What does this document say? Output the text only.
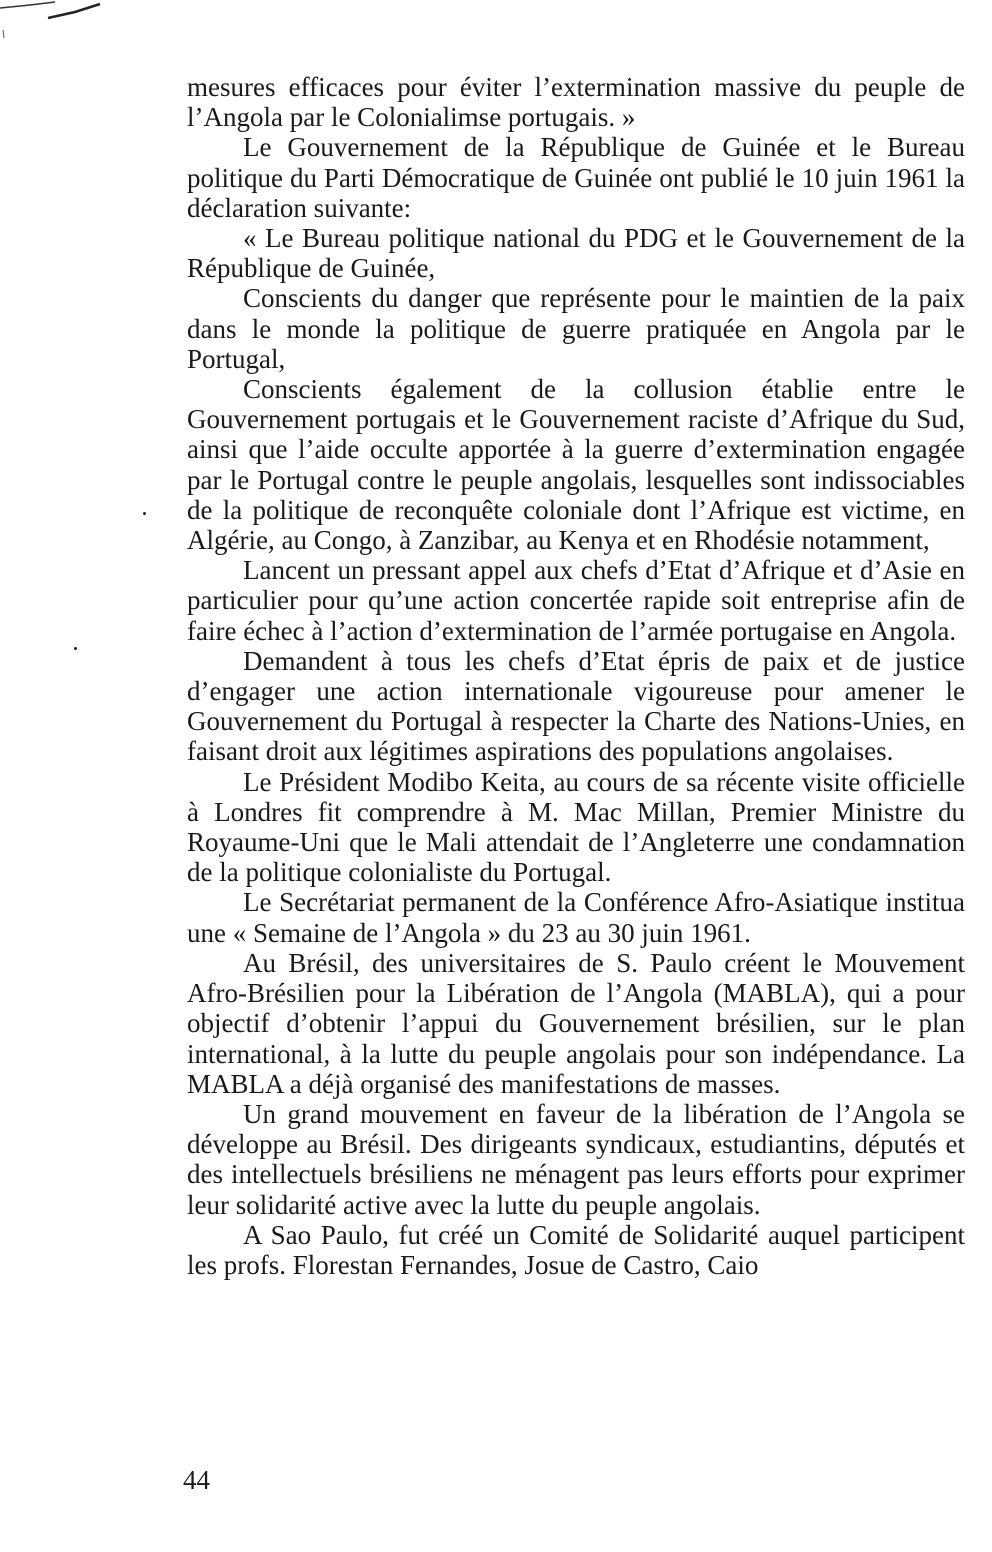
mesures efficaces pour éviter l’extermination massive du peuple de l’Angola par le Colonialimse portugais. »

Le Gouvernement de la République de Guinée et le Bureau politique du Parti Démocratique de Guinée ont publié le 10 juin 1961 la déclaration suivante:

« Le Bureau politique national du PDG et le Gouvernement de la République de Guinée,

Conscients du danger que représente pour le maintien de la paix dans le monde la politique de guerre pratiquée en Angola par le Portugal,

Conscients également de la collusion établie entre le Gouvernement portugais et le Gouvernement raciste d’Afrique du Sud, ainsi que l’aide occulte apportée à la guerre d’extermination engagée par le Portugal contre le peuple angolais, lesquelles sont indissociables de la politique de reconquête coloniale dont l’Afrique est victime, en Algérie, au Congo, à Zanzibar, au Kenya et en Rhodésie notamment,

Lancent un pressant appel aux chefs d’Etat d’Afrique et d’Asie en particulier pour qu’une action concertée rapide soit entreprise afin de faire échec à l’action d’extermination de l’armée portugaise en Angola.

Demandent à tous les chefs d’Etat épris de paix et de justice d’engager une action internationale vigoureuse pour amener le Gouvernement du Portugal à respecter la Charte des Nations-Unies, en faisant droit aux légitimes aspirations des populations angolaises.

Le Président Modibo Keita, au cours de sa récente visite officielle à Londres fit comprendre à M. Mac Millan, Premier Ministre du Royaume-Uni que le Mali attendait de l’Angleterre une condamnation de la politique colonialiste du Portugal.

Le Secrétariat permanent de la Conférence Afro-Asiatique institua une « Semaine de l’Angola » du 23 au 30 juin 1961.

Au Brésil, des universitaires de S. Paulo créent le Mouvement Afro-Brésilien pour la Libération de l’Angola (MABLA), qui a pour objectif d’obtenir l’appui du Gouvernement brésilien, sur le plan international, à la lutte du peuple angolais pour son indépendance. La MABLA a déjà organisé des manifestations de masses.

Un grand mouvement en faveur de la libération de l’Angola se développe au Brésil. Des dirigeants syndicaux, estudiantins, députés et des intellectuels brésiliens ne ménagent pas leurs efforts pour exprimer leur solidarité active avec la lutte du peuple angolais.

A Sao Paulo, fut créé un Comité de Solidarité auquel participent les profs. Florestan Fernandes, Josue de Castro, Caio

44
